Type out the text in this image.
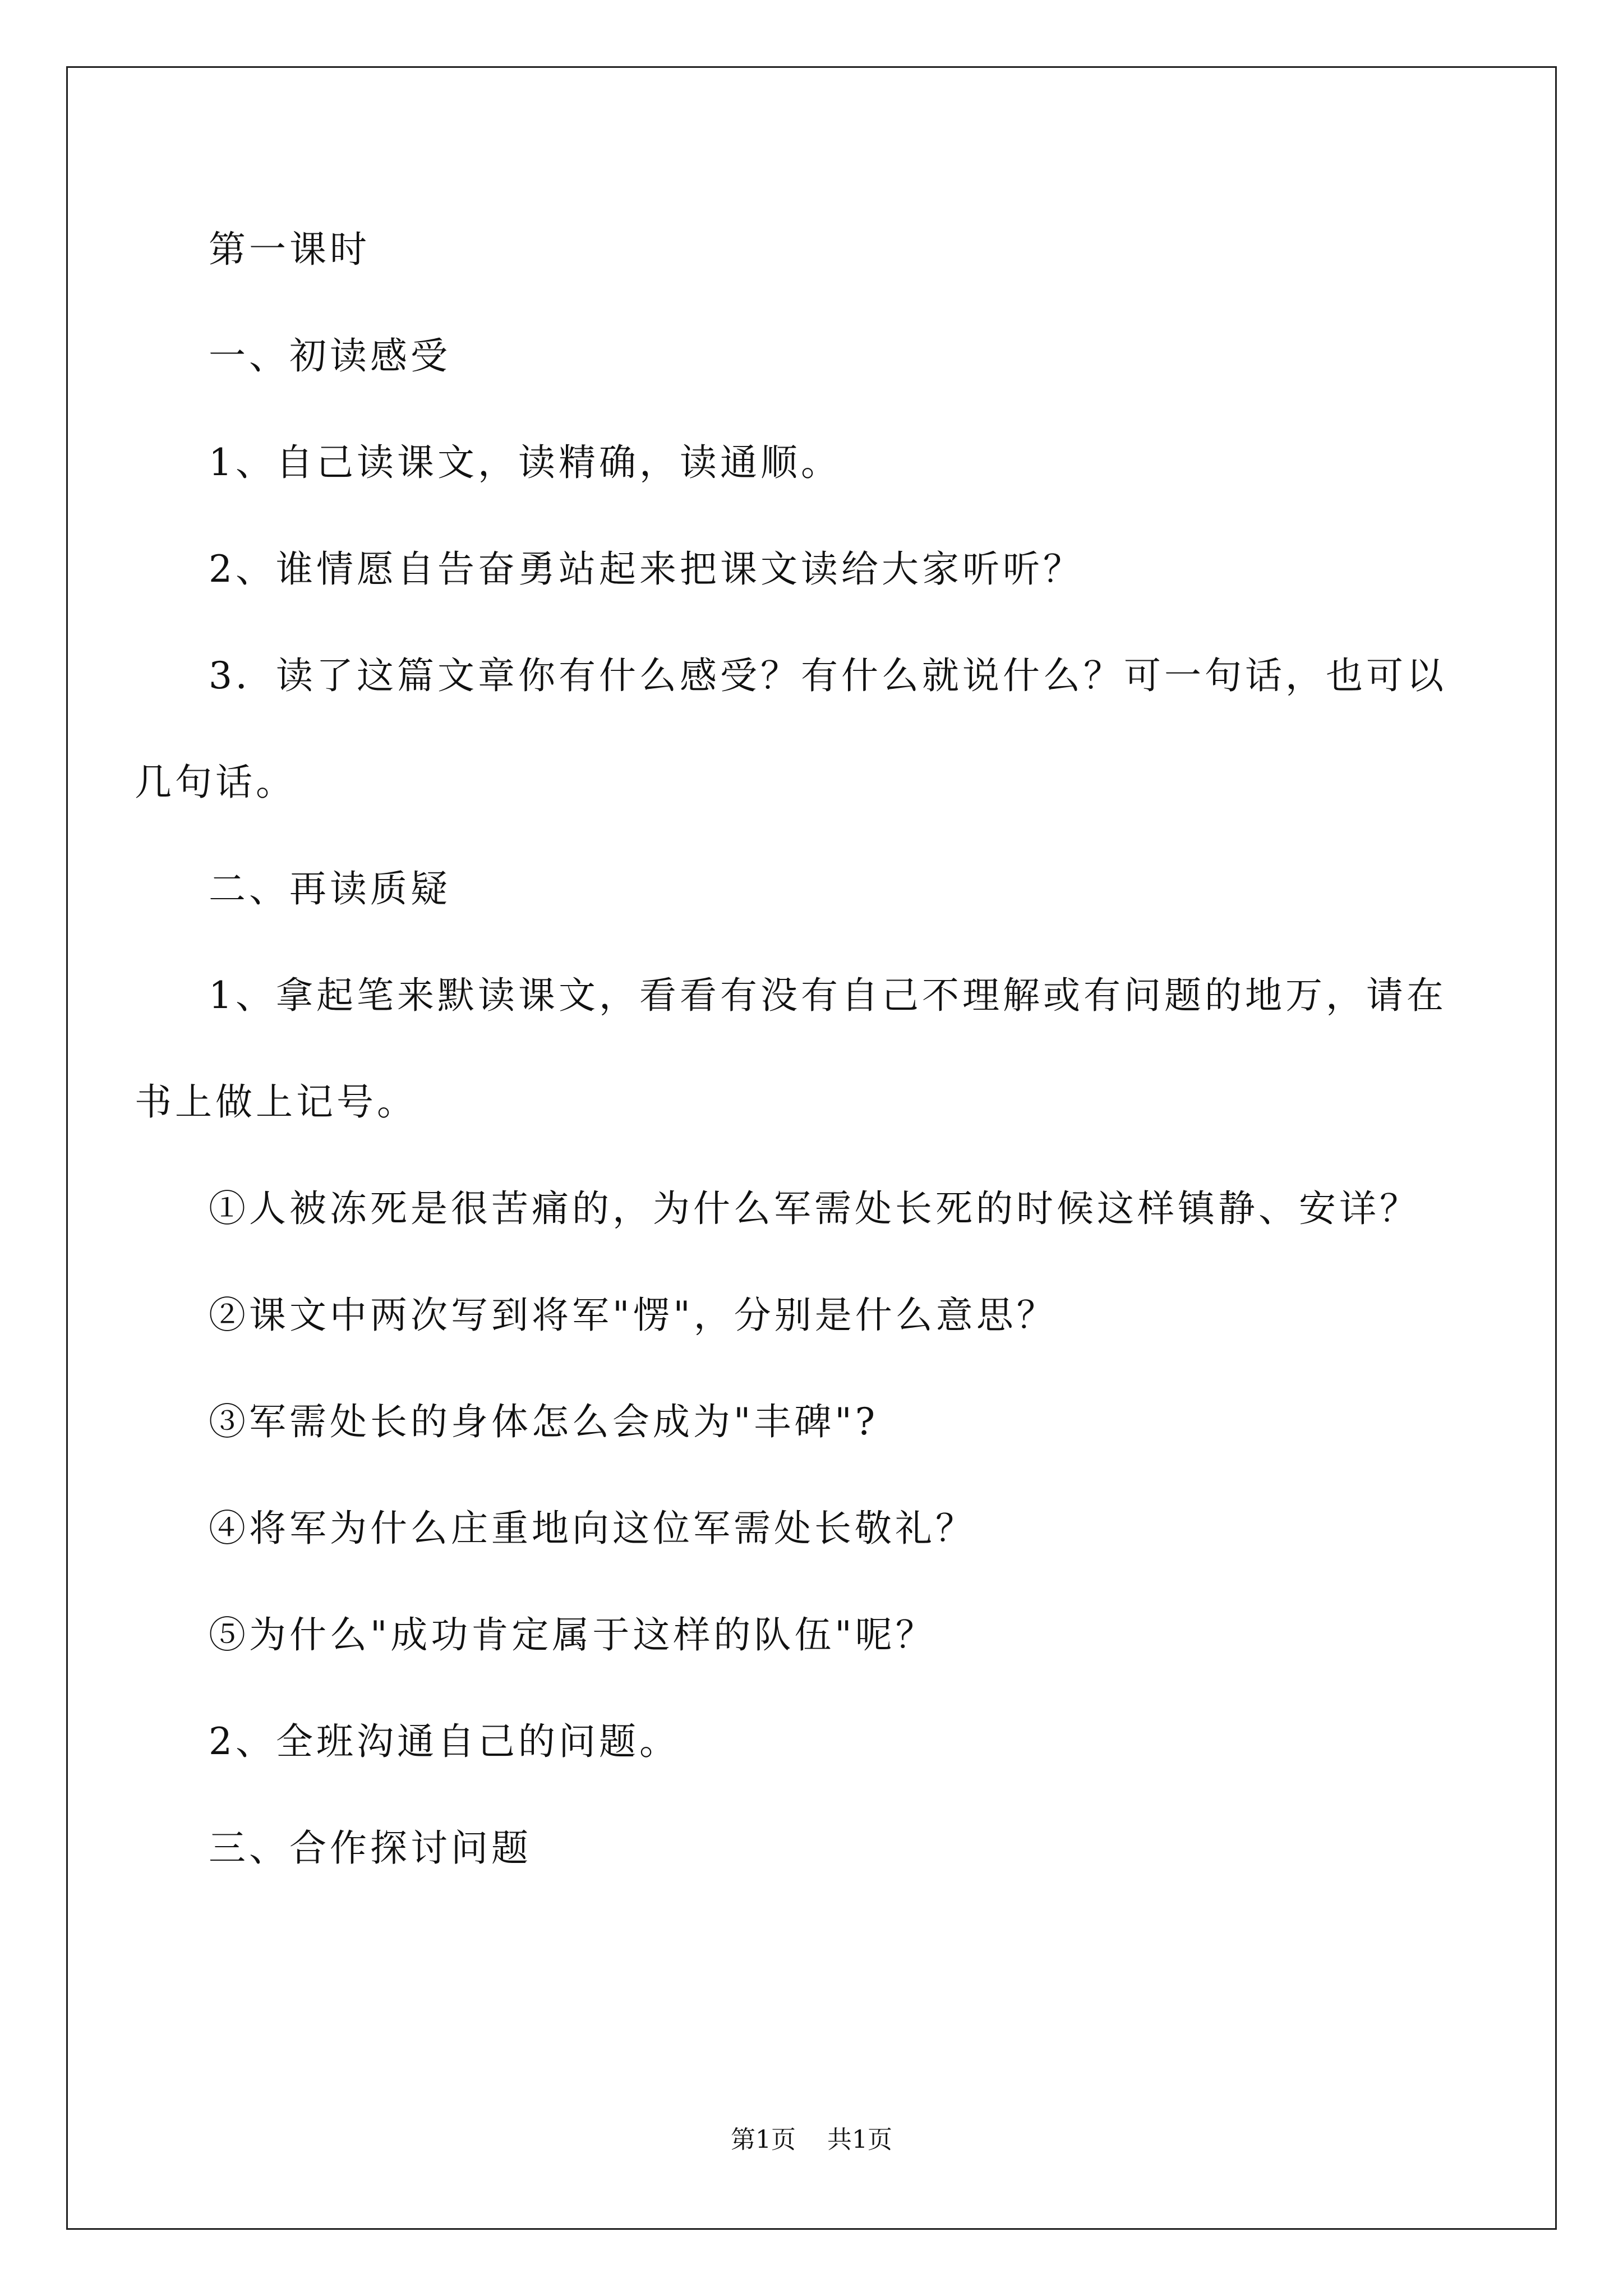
第一课时

一、初读感受

1、自己读课文，读精确，读通顺。

2、谁情愿自告奋勇站起来把课文读给大家听听？

3．读了这篇文章你有什么感受？有什么就说什么？可一句话，也可以几句话。

二、再读质疑

1、拿起笔来默读课文，看看有没有自己不理解或有问题的地万，请在书上做上记号。

①人被冻死是很苦痛的，为什么军需处长死的时候这样镇静、安详？

②课文中两次写到将军"愣"，分别是什么意思？

③军需处长的身体怎么会成为"丰碑"?

④将军为什么庄重地向这位军需处长敬礼？

⑤为什么"成功肯定属于这样的队伍"呢？

2、全班沟通自己的问题。

三、合作探讨问题

第1页 共1页
